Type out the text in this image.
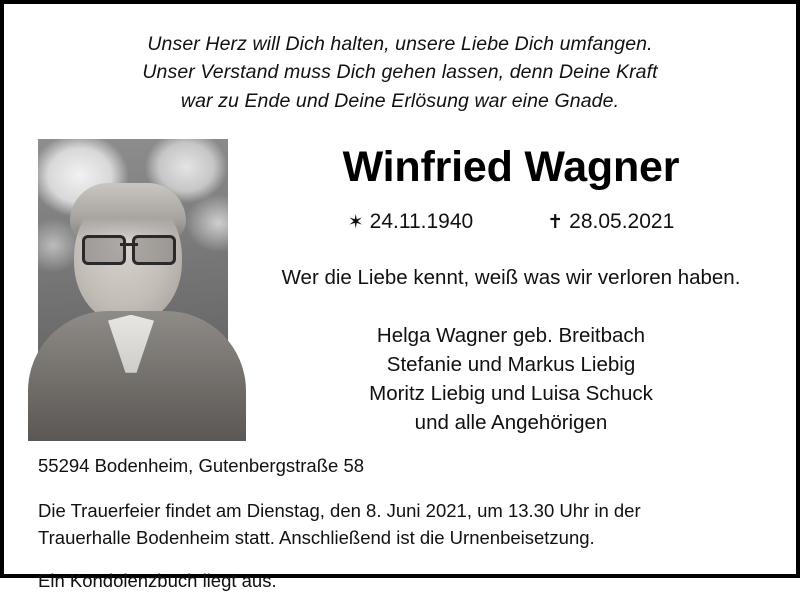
Unser Herz will Dich halten, unsere Liebe Dich umfangen.
Unser Verstand muss Dich gehen lassen, denn Deine Kraft
war zu Ende und Deine Erlösung war eine Gnade.
Winfried Wagner
✶ 24.11.1940	✝ 28.05.2021
Wer die Liebe kennt, weiß was wir verloren haben.
Helga Wagner geb. Breitbach
Stefanie und Markus Liebig
Moritz Liebig und Luisa Schuck
und alle Angehörigen
55294 Bodenheim, Gutenbergstraße 58
Die Trauerfeier findet am Dienstag, den 8. Juni 2021, um 13.30 Uhr in der Trauerhalle Bodenheim statt. Anschließend ist die Urnenbeisetzung.
Ein Kondolenzbuch liegt aus.
